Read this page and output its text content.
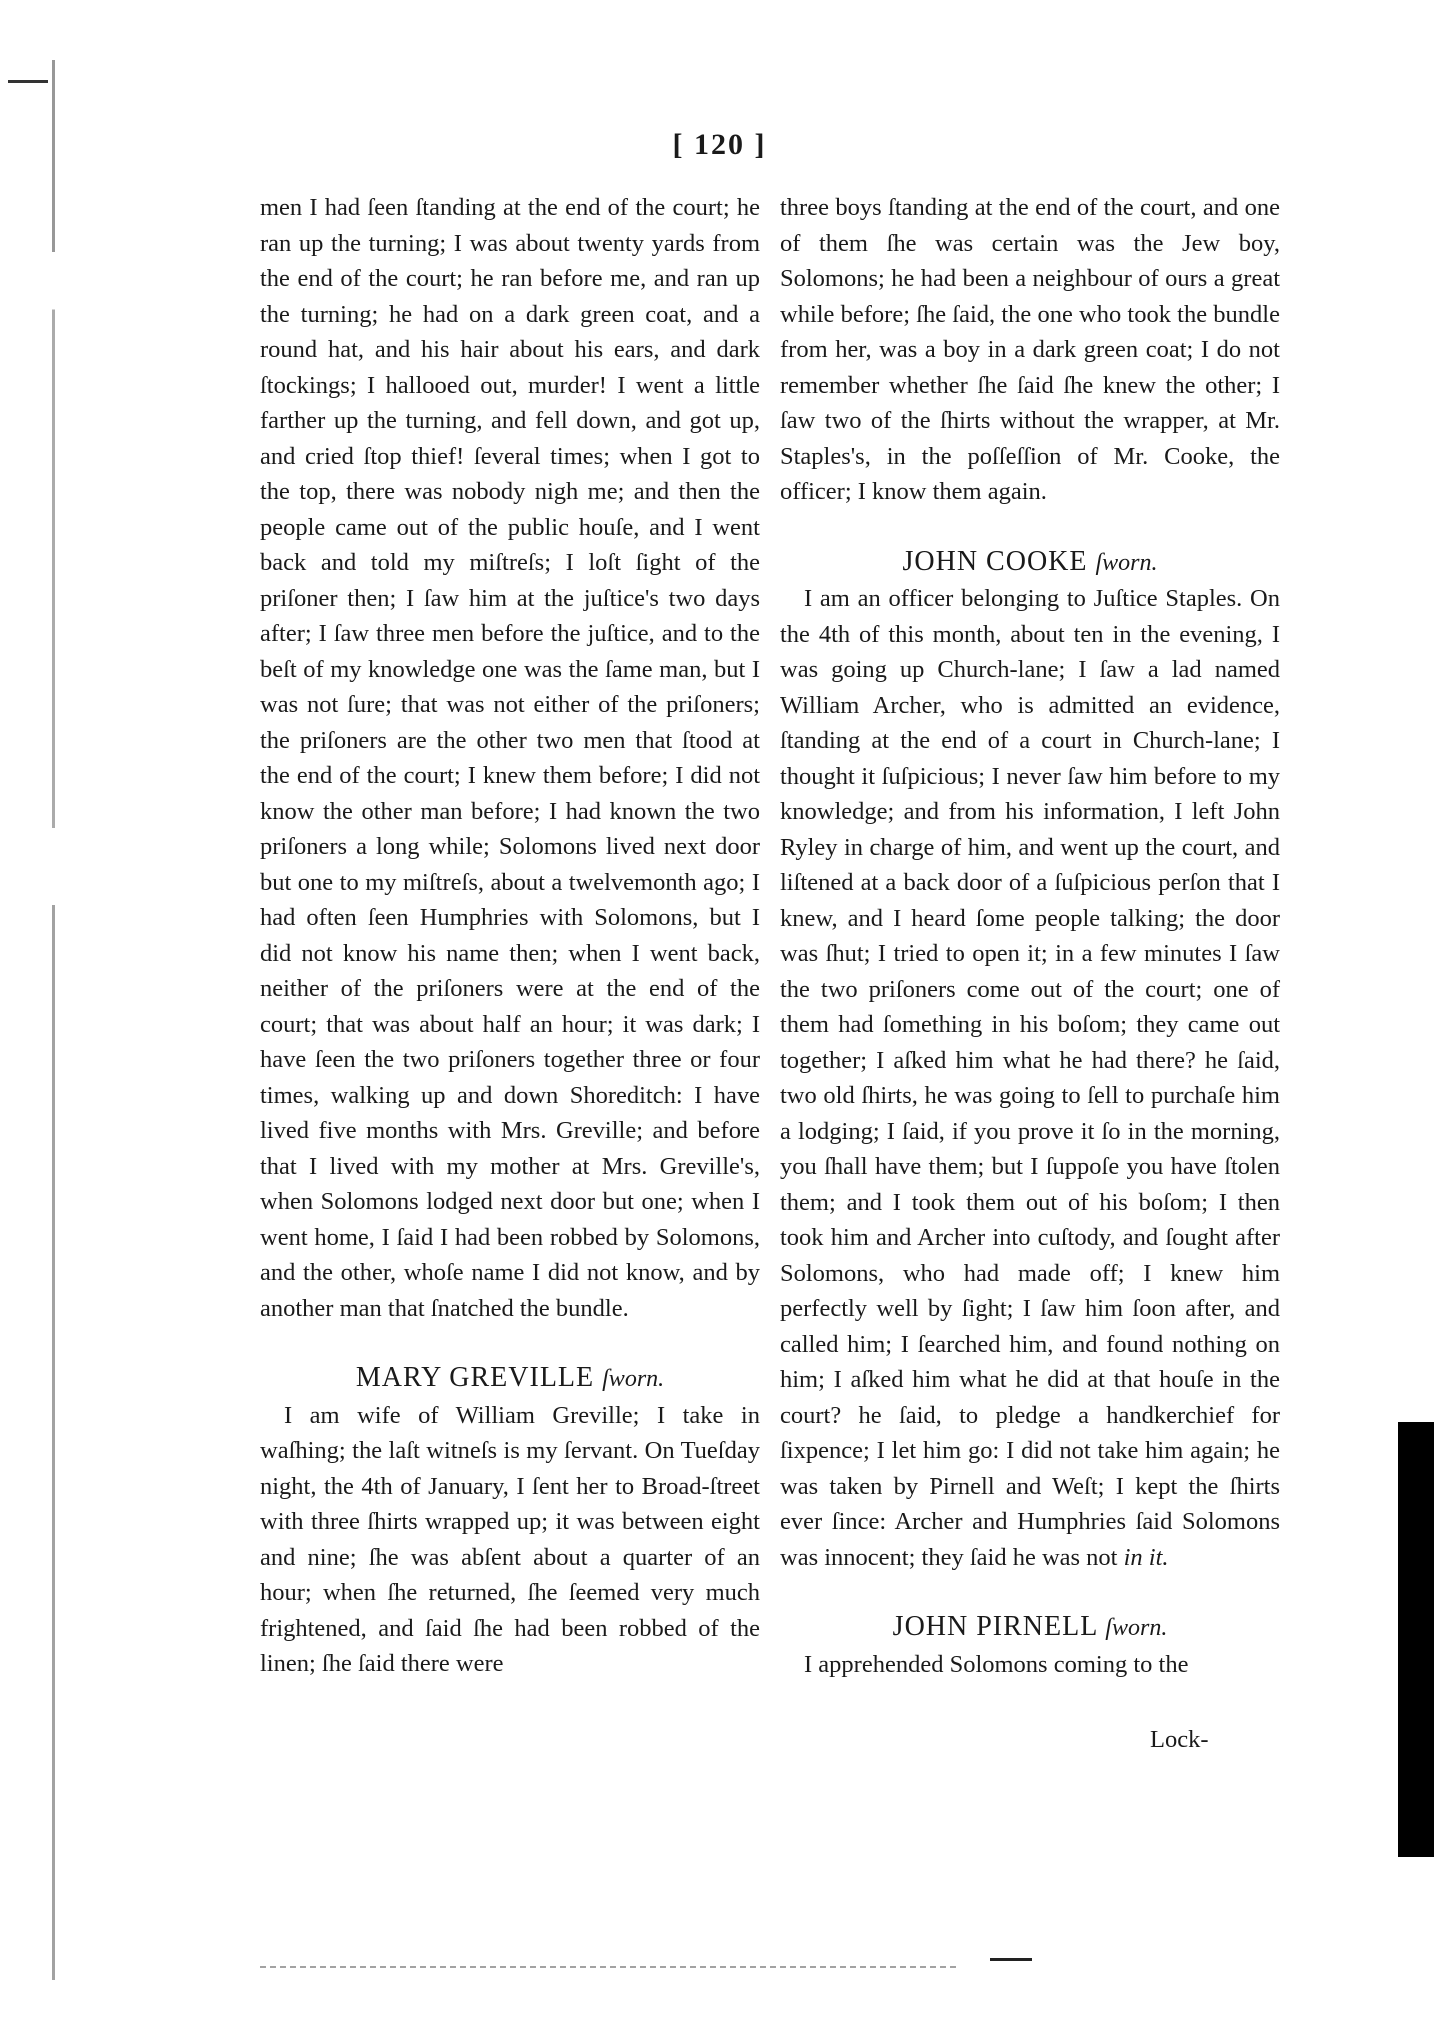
[ 120 ]

men I had ſeen ſtanding at the end of the court; he ran up the turning; I was about twenty yards from the end of the court; he ran before me, and ran up the turning; he had on a dark green coat, and a round hat, and his hair about his ears, and dark ſtockings; I hallooed out, murder! I went a little farther up the turning, and fell down, and got up, and cried ſtop thief! ſeveral times; when I got to the top, there was nobody nigh me; and then the people came out of the public houſe, and I went back and told my miſtreſs; I loſt ſight of the priſoner then; I ſaw him at the juſtice's two days after; I ſaw three men before the juſtice, and to the beſt of my knowledge one was the ſame man, but I was not ſure; that was not either of the priſoners; the priſoners are the other two men that ſtood at the end of the court; I knew them before; I did not know the other man before; I had known the two priſoners a long while; Solomons lived next door but one to my miſtreſs, about a twelvemonth ago; I had often ſeen Humphries with Solomons, but I did not know his name then; when I went back, neither of the priſoners were at the end of the court; that was about half an hour; it was dark; I have ſeen the two priſoners together three or four times, walking up and down Shoreditch: I have lived five months with Mrs. Greville; and before that I lived with my mother at Mrs. Greville's, when Solomons lodged next door but one; when I went home, I ſaid I had been robbed by Solomons, and the other, whoſe name I did not know, and by another man that ſnatched the bundle.

MARY GREVILLE ſworn.

I am wife of William Greville; I take in waſhing; the laſt witneſs is my ſervant. On Tueſday night, the 4th of January, I ſent her to Broad-ſtreet with three ſhirts wrapped up; it was between eight and nine; ſhe was abſent about a quarter of an hour; when ſhe returned, ſhe ſeemed very much frightened, and ſaid ſhe had been robbed of the linen; ſhe ſaid there were

three boys ſtanding at the end of the court, and one of them ſhe was certain was the Jew boy, Solomons; he had been a neighbour of ours a great while before; ſhe ſaid, the one who took the bundle from her, was a boy in a dark green coat; I do not remember whether ſhe ſaid ſhe knew the other; I ſaw two of the ſhirts without the wrapper, at Mr. Staples's, in the poſſeſſion of Mr. Cooke, the officer; I know them again.

JOHN COOKE ſworn.

I am an officer belonging to Juſtice Staples. On the 4th of this month, about ten in the evening, I was going up Church-lane; I ſaw a lad named William Archer, who is admitted an evidence, ſtanding at the end of a court in Church-lane; I thought it ſuſpicious; I never ſaw him before to my knowledge; and from his information, I left John Ryley in charge of him, and went up the court, and liſtened at a back door of a ſuſpicious perſon that I knew, and I heard ſome people talking; the door was ſhut; I tried to open it; in a few minutes I ſaw the two priſoners come out of the court; one of them had ſomething in his boſom; they came out together; I aſked him what he had there? he ſaid, two old ſhirts, he was going to ſell to purchaſe him a lodging; I ſaid, if you prove it ſo in the morning, you ſhall have them; but I ſuppoſe you have ſtolen them; and I took them out of his boſom; I then took him and Archer into cuſtody, and ſought after Solomons, who had made off; I knew him perfectly well by ſight; I ſaw him ſoon after, and called him; I ſearched him, and found nothing on him; I aſked him what he did at that houſe in the court? he ſaid, to pledge a handkerchief for ſixpence; I let him go: I did not take him again; he was taken by Pirnell and Weſt; I kept the ſhirts ever ſince: Archer and Humphries ſaid Solomons was innocent; they ſaid he was not in it.

JOHN PIRNELL ſworn.

I apprehended Solomons coming to the

Lock-
